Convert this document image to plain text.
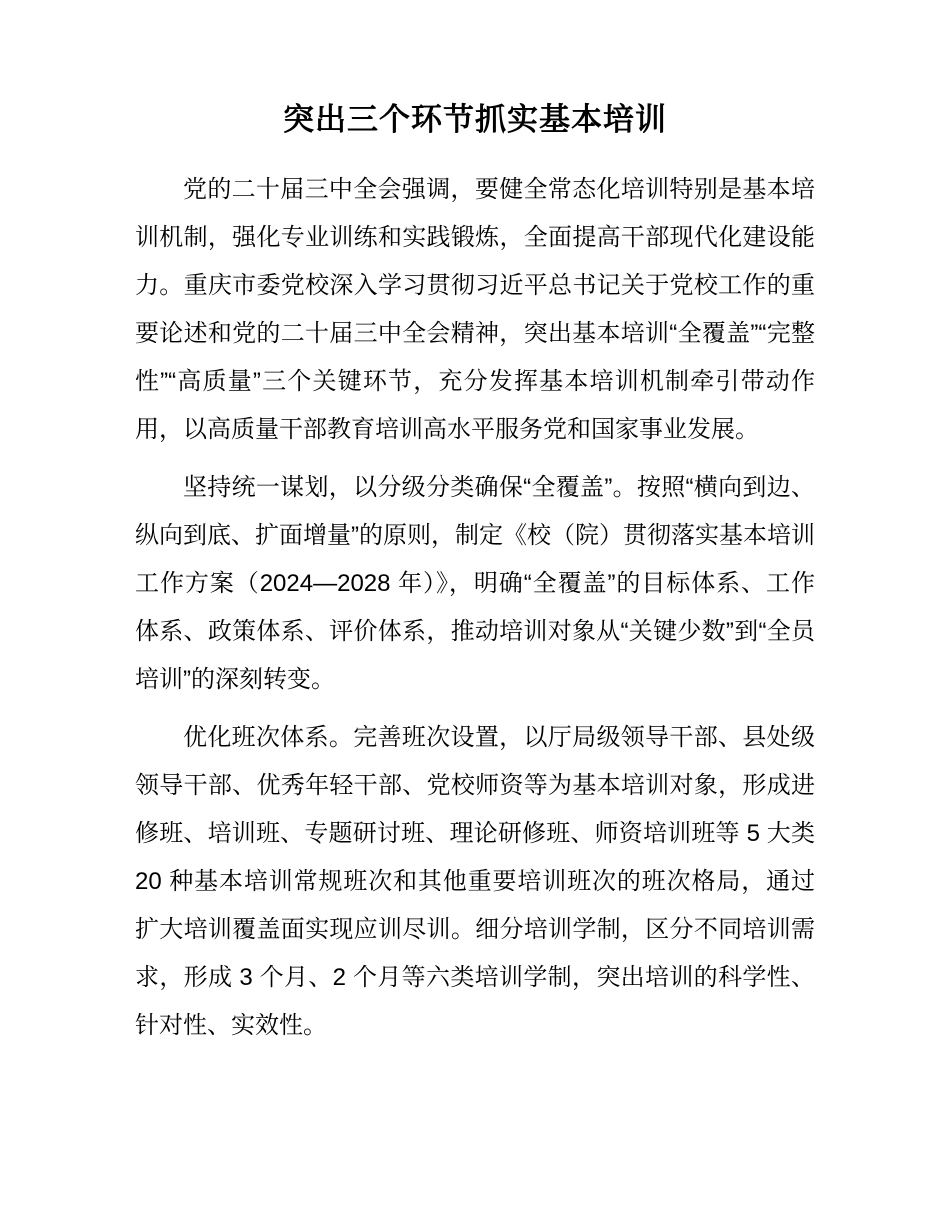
突出三个环节抓实基本培训

党的二十届三中全会强调，要健全常态化培训特别是基本培训机制，强化专业训练和实践锻炼，全面提高干部现代化建设能力。重庆市委党校深入学习贯彻习近平总书记关于党校工作的重要论述和党的二十届三中全会精神，突出基本培训“全覆盖”“完整性”“高质量”三个关键环节，充分发挥基本培训机制牵引带动作用，以高质量干部教育培训高水平服务党和国家事业发展。

坚持统一谋划，以分级分类确保“全覆盖”。按照“横向到边、纵向到底、扩面增量”的原则，制定《校（院）贯彻落实基本培训工作方案（2024—2028 年）》，明确“全覆盖”的目标体系、工作体系、政策体系、评价体系，推动培训对象从“关键少数”到“全员培训”的深刻转变。

优化班次体系。完善班次设置，以厅局级领导干部、县处级领导干部、优秀年轻干部、党校师资等为基本培训对象，形成进修班、培训班、专题研讨班、理论研修班、师资培训班等 5 大类 20 种基本培训常规班次和其他重要培训班次的班次格局，通过扩大培训覆盖面实现应训尽训。细分培训学制，区分不同培训需求，形成 3 个月、2 个月等六类培训学制，突出培训的科学性、针对性、实效性。
